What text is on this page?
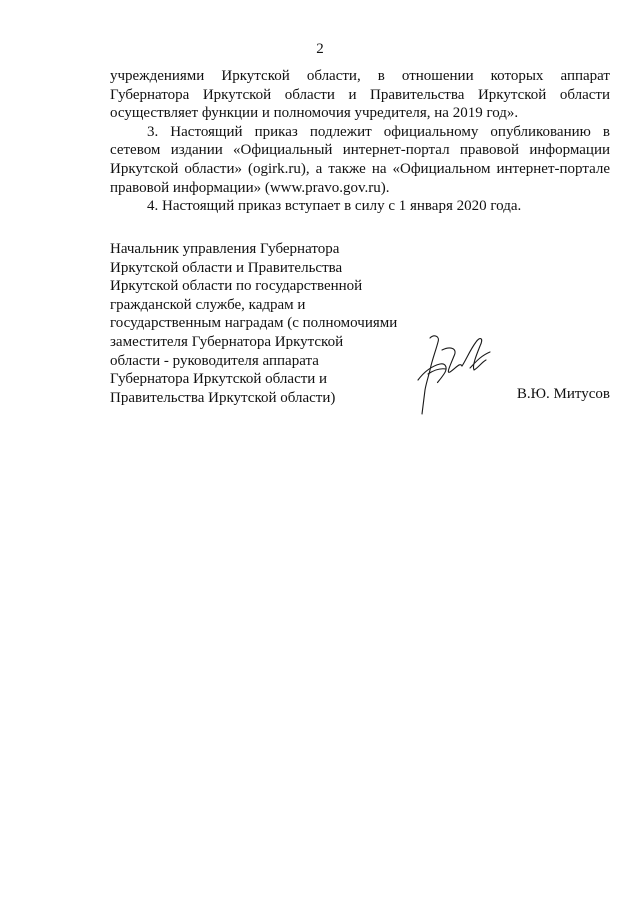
2

учреждениями Иркутской области, в отношении которых аппарат Губернатора Иркутской области и Правительства Иркутской области осуществляет функции и полномочия учредителя, на 2019 год».

3. Настоящий приказ подлежит официальному опубликованию в сетевом издании «Официальный интернет-портал правовой информации Иркутской области» (ogirk.ru), а также на «Официальном интернет-портале правовой информации» (www.pravo.gov.ru).

4. Настоящий приказ вступает в силу с 1 января 2020 года.

Начальник управления Губернатора
Иркутской области и Правительства
Иркутской области по государственной
гражданской службе, кадрам и
государственным наградам (с полномочиями
заместителя Губернатора Иркутской
области - руководителя аппарата
Губернатора Иркутской области и
Правительства Иркутской области)	В.Ю. Митусов
